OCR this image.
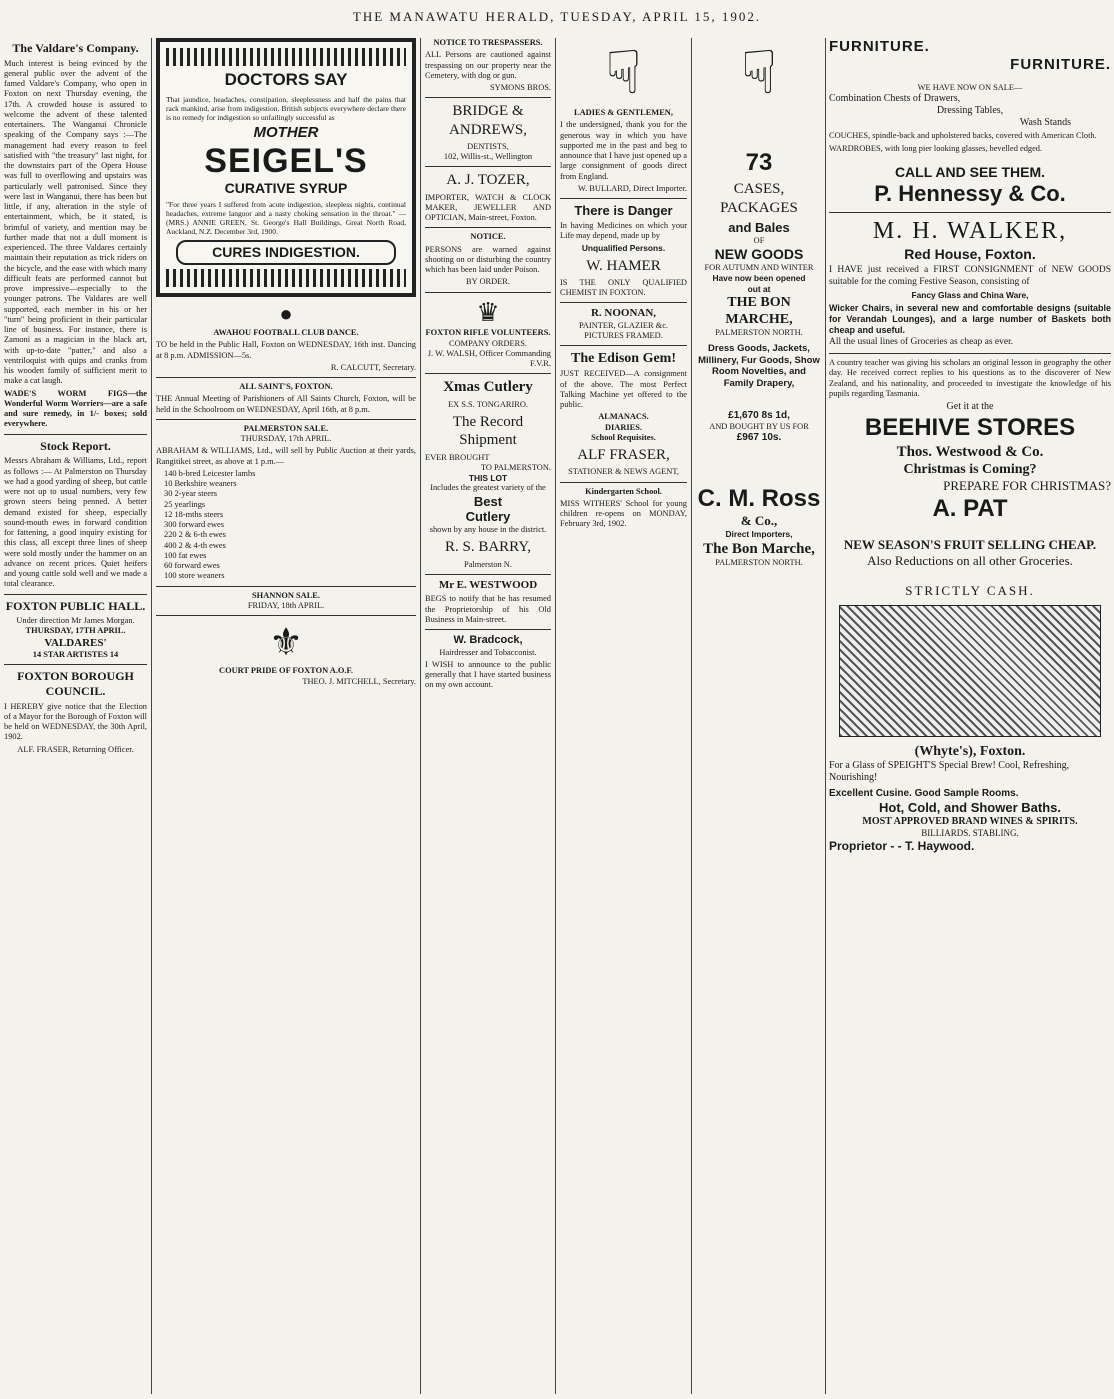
THE MANAWATU HERALD, TUESDAY, APRIL 15, 1902.
The Valdare's Company.

Much interest is being evinced by the general public over the advent of the famed Valdare's Company, who open in Foxton on next Thursday evening, the 17th. A crowded house is assured to welcome the advent of these talented entertainers. The Wanganui Chronicle speaking of the Company says :—The management had every reason to feel satisfied with "the treasury" last night, for the downstairs part of the Opera House was full to overflowing and upstairs was particularly well patronised. Since they were last in Wanganui, there has been but little, if any, alteration in the style of entertainment, which, be it stated, is brimful of variety, and mention may be further made that not a dull moment is experienced. The three Valdares certainly maintain their reputation as trick riders on the bicycle, and the ease with which many difficult feats are performed cannot but prove impressive—especially to the younger patrons. The Valdares are well supported, each member in his or her "turn" being proficient in their particular line of business. For instance, there is Zamoni as a magician in the black art, with up-to-date "patter," and also a ventriloquist with quips and cranks from his wooden family of sufficient merit to make a cat laugh.

WADE'S WORM FIGS—the Wonderful Worm Worriers—are a safe and sure remedy, in 1/- boxes; sold everywhere.

Stock Report.

Messrs Abraham & Williams, Ltd., report as follows :— At Palmerston on Thursday we had a good yarding of sheep, but cattle were not up to usual numbers, very few grown steers being penned. A better demand existed for sheep, especially sound-mouth ewes in forward condition for fattening, a good inquiry existing for this class, all except three lines of sheep were sold mostly under the hammer on an advance on recent prices. Quiet heifers and young cattle sold well and we made a total clearance.

FOXTON PUBLIC HALL.
Under direction Mr James Morgan.
THURSDAY, 17TH APRIL.
VALDARES'
14 STAR ARTISTES 14
FOXTON BOROUGH COUNCIL.

I HEREBY give notice that the Election of a Mayor for the Borough of Foxton will be held on WEDNESDAY, the 30th April, 1902.

ALF. FRASER, Returning Officer.
DOCTORS SAY

That jaundice, headaches, constipation, sleeplessness and half the pains that rack mankind, arise from indigestion. British subjects everywhere declare there is no remedy for indigestion so unfailingly successful as

MOTHER
SEIGEL'S
CURATIVE SYRUP

"For three years I suffered from acute indigestion, sleepless nights, continual headaches, extreme languor and a nasty choking sensation in the throat." —(MRS.) ANNIE GREEN, St. George's Hall Buildings, Great North Road, Auckland, N.Z. December 3rd, 1900.

CURES INDIGESTION.
●
AWAHOU FOOTBALL CLUB DANCE.

TO be held in the Public Hall, Foxton on WEDNESDAY, 16th inst. Dancing at 8 p.m. ADMISSION—5s.

R. CALCUTT, Secretary.
ALL SAINT'S, FOXTON.

THE Annual Meeting of Parishioners of All Saints Church, Foxton, will be held in the Schoolroom on WEDNESDAY, April 16th, at 8 p.m.

PALMERSTON SALE.
THURSDAY, 17th APRIL.

ABRAHAM & WILLIAMS, Ltd., will sell by Public Auction at their yards, Rangitikei street, as above at 1 p.m.—

140 b-bred Leicester lambs
10 Berkshire weaners
30 2-year steers
25 yearlings
12 18-mths steers
300 forward ewes
220 2 & 6-th ewes
400 2 & 4-th ewes
100 fat ewes
60 forward ewes
100 store weaners
SHANNON SALE.
FRIDAY, 18th APRIL.
⚜
COURT PRIDE OF FOXTON A.O.F.
THEO. J. MITCHELL, Secretary.
NOTICE TO TRESPASSERS.

ALL Persons are cautioned against trespassing on our property near the Cemetery, with dog or gun.

SYMONS BROS.
BRIDGE & ANDREWS,
DENTISTS,
102, Willis-st., Wellington
A. J. TOZER,

IMPORTER, WATCH & CLOCK MAKER, JEWELLER AND OPTICIAN, Main-street, Foxton.

NOTICE.

PERSONS are warned against shooting on or disturbing the country which has been laid under Poison.

BY ORDER.
♛
FOXTON RIFLE VOLUNTEERS.
COMPANY ORDERS.
J. W. WALSH, Officer Commanding F.V.R.
Xmas Cutlery
EX S.S. TONGARIRO.
The Record Shipment
EVER BROUGHT
TO PALMERSTON.
THIS LOT
Includes the greatest variety of the
Best
Cutlery
shown by any house in the district.
R. S. BARRY,
Palmerston N.
Mr E. WESTWOOD

BEGS to notify that he has resumed the Proprietorship of his Old Business in Main-street.

W. Bradcock,
Hairdresser and Tobacconist.

I WISH to announce to the public generally that I have started business on my own account.

☟
LADIES & GENTLEMEN,

I the undersigned, thank you for the generous way in which you have supported me in the past and beg to announce that I have just opened up a large consignment of goods direct from England.

W. BULLARD, Direct Importer.
There is Danger

In having Medicines on which your Life may depend, made up by

Unqualified Persons.
W. HAMER

IS THE ONLY QUALIFIED CHEMIST IN FOXTON.

R. NOONAN,
PAINTER, GLAZIER &c.
PICTURES FRAMED.
The Edison Gem!

JUST RECEIVED—A consignment of the above. The most Perfect Talking Machine yet offered to the public.

ALMANACS.
DIARIES.
School Requisites.
ALF FRASER,
STATIONER & NEWS AGENT,
Kindergarten School.

MISS WITHERS' School for young children re-opens on MONDAY, February 3rd, 1902.

☟
73
CASES, PACKAGES
and Bales
OF
NEW GOODS
FOR AUTUMN AND WINTER
Have now been opened
out at
THE BON MARCHE,
PALMERSTON NORTH.
Dress Goods, Jackets, Millinery, Fur Goods, Show Room Novelties, and Family Drapery,
£1,670 8s 1d,
AND BOUGHT BY US FOR
£967 10s.
C. M. Ross
& Co.,
Direct Importers,
The Bon Marche,
PALMERSTON NORTH.
FURNITURE.
FURNITURE.
WE HAVE NOW ON SALE—
Combination Chests of Drawers,
Dressing Tables,
Wash Stands

COUCHES, spindle-back and upholstered backs, covered with American Cloth.

WARDROBES, with long pier looking glasses, bevelled edged.

CALL AND SEE THEM.
P. Hennessy & Co.
M. H. WALKER,
Red House, Foxton.

I HAVE just received a FIRST CONSIGNMENT of NEW GOODS suitable for the coming Festive Season, consisting of

Fancy Glass and China Ware,

Wicker Chairs, in several new and comfortable designs (suitable for Verandah Lounges), and a large number of Baskets both cheap and useful.

All the usual lines of Groceries as cheap as ever.

A country teacher was giving his scholars an original lesson in geography the other day. He received correct replies to his questions as to the discoverer of New Zealand, and his nationality, and proceeded to investigate the knowledge of his pupils regarding Tasmania.

Get it at the
BEEHIVE STORES
Thos. Westwood & Co.
Christmas is Coming?
PREPARE FOR CHRISTMAS?
A. PAT
NEW SEASON'S FRUIT SELLING CHEAP.
Also Reductions on all other Groceries.
STRICTLY CASH.
(Whyte's), Foxton.
For a Glass of SPEIGHT'S Special Brew! Cool, Refreshing, Nourishing!
Excellent Cusine. Good Sample Rooms.
Hot, Cold, and Shower Baths.
MOST APPROVED BRAND WINES & SPIRITS.
BILLIARDS. STABLING.
Proprietor - - T. Haywood.
